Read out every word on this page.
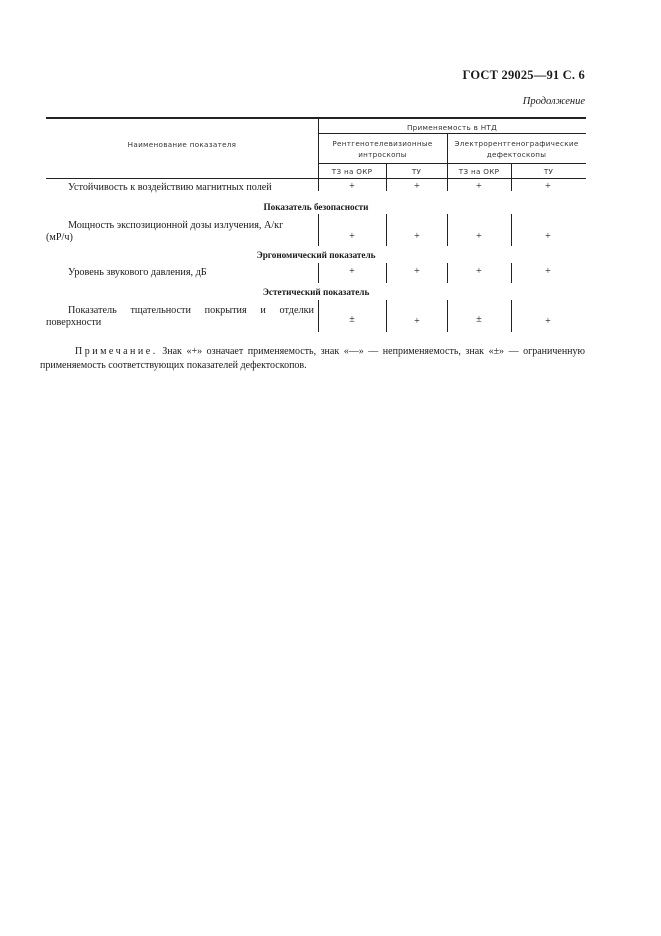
ГОСТ 29025—91 С. 6
Продолжение
Наименование показателя
Применяемость в НТД
Рентгенотелевизионные
интроскопы
Электрорентгенографические
дефектоскопы
ТЗ на ОКР	ТУ	ТЗ на ОКР	ТУ
Устойчивость к воздействию магнитных полей	+	+	+	+
Показатель безопасности
Мощность экспозиционной дозы излучения, А/кг
(мР/ч)	+	+	+	+
Эргономический показатель
Уровень звукового давления, дБ	+	+	+	+
Эстетический показатель
Показатель тщательности покрытия и отделки
поверхности	±	+	±	+
Примечание. Знак «+» означает применяемость, знак «—» — неприменяемость, знак «±» — ограниченную применяемость соответствующих показателей дефектоскопов.
